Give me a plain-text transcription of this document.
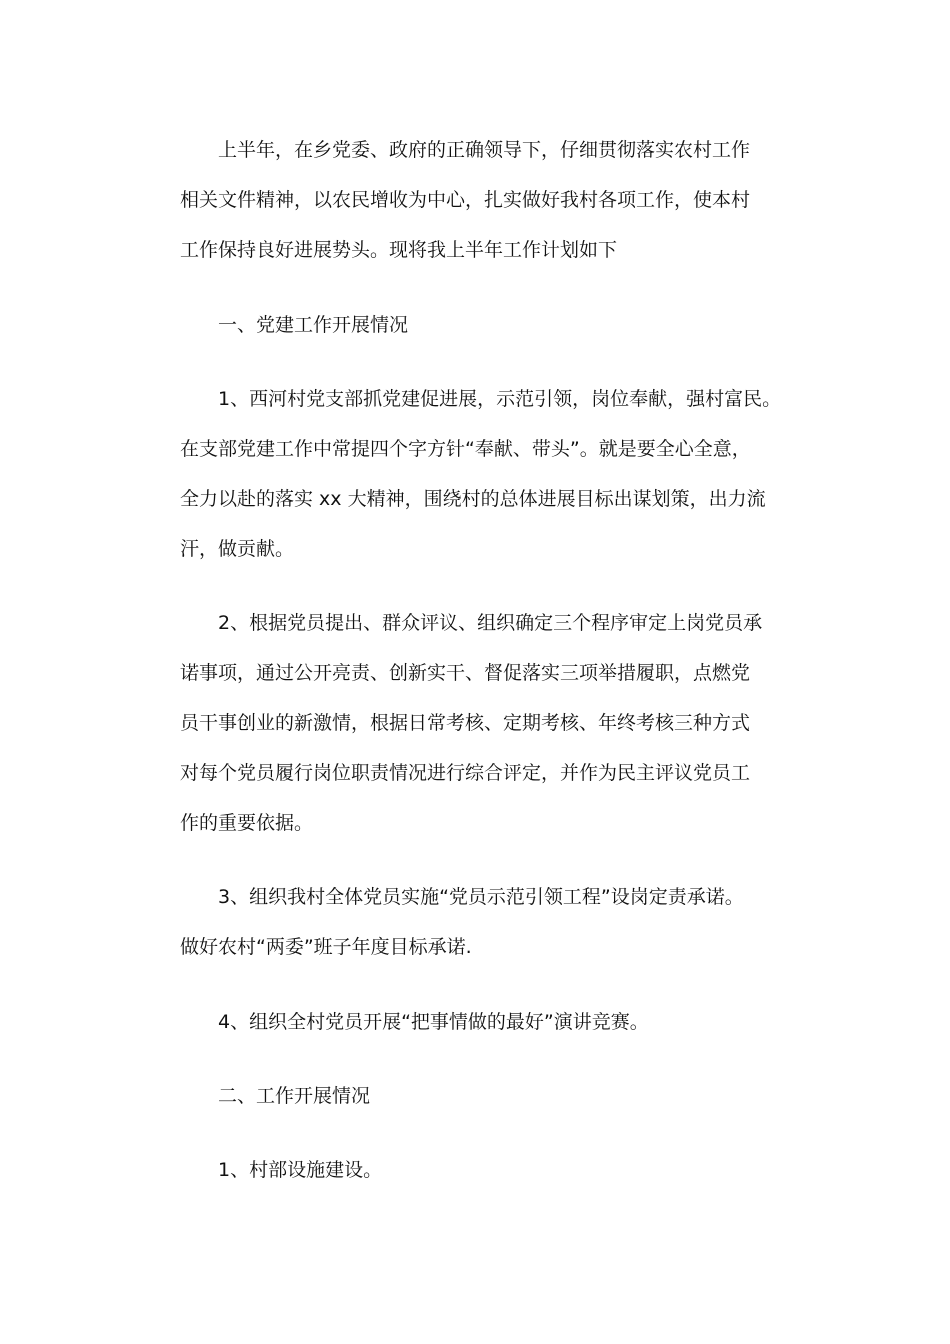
上半年，在乡党委、政府的正确领导下，仔细贯彻落实农村工作
相关文件精神，以农民增收为中心，扎实做好我村各项工作，使本村
工作保持良好进展势头。现将我上半年工作计划如下
一、党建工作开展情况
1、西河村党支部抓党建促进展，示范引领，岗位奉献，强村富民。
在支部党建工作中常提四个字方针“奉献、带头”。就是要全心全意，
全力以赴的落实 xx 大精神，围绕村的总体进展目标出谋划策，出力流
汗，做贡献。
2、根据党员提出、群众评议、组织确定三个程序审定上岗党员承
诺事项，通过公开亮责、创新实干、督促落实三项举措履职，点燃党
员干事创业的新激情，根据日常考核、定期考核、年终考核三种方式
对每个党员履行岗位职责情况进行综合评定，并作为民主评议党员工
作的重要依据。
3、组织我村全体党员实施“党员示范引领工程”设岗定责承诺。
做好农村“两委”班子年度目标承诺.
4、组织全村党员开展“把事情做的最好”演讲竞赛。
二、工作开展情况
1、村部设施建设。
